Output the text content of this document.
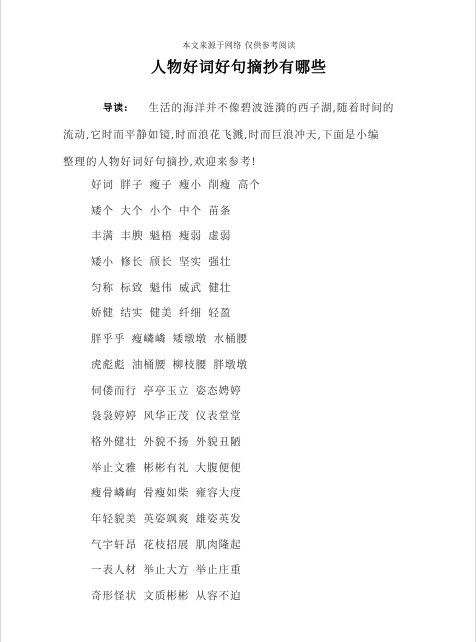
本文来源于网络 仅供参考阅读
人物好词好句摘抄有哪些
导读: 生活的海洋并不像碧波涟漪的西子湖,随着时间的
流动,它时而平静如镜,时而浪花飞溅,时而巨浪冲天,下面是小编
整理的人物好词好句摘抄,欢迎来参考!
好词 胖子 瘦子 瘦小 削瘦 高个
矮个 大个 小个 中个 苗条
丰满 丰腴 魁梧 瘦弱 虚弱
矮小 修长 颀长 坚实 强壮
匀称 标致 魁伟 威武 健壮
娇健 结实 健美 纤细 轻盈
胖乎乎 瘦嶙嶙 矮墩墩 水桶腰
虎彪彪 油桶腰 柳枝腰 胖墩墩
伺偻而行 亭亭玉立 姿态娉婷
袅袅婷婷 风华正茂 仪表堂堂
格外健壮 外貌不扬 外貌丑陋
举止文雅 彬彬有礼 大腹便便
瘦骨嶙峋 骨瘦如柴 雍容大度
年轻貌美 英姿飒爽 雄姿英发
气宇轩昂 花枝招展 肌肉隆起
一表人材 举止大方 举止庄重
奇形怪状 文质彬彬 从容不迫
